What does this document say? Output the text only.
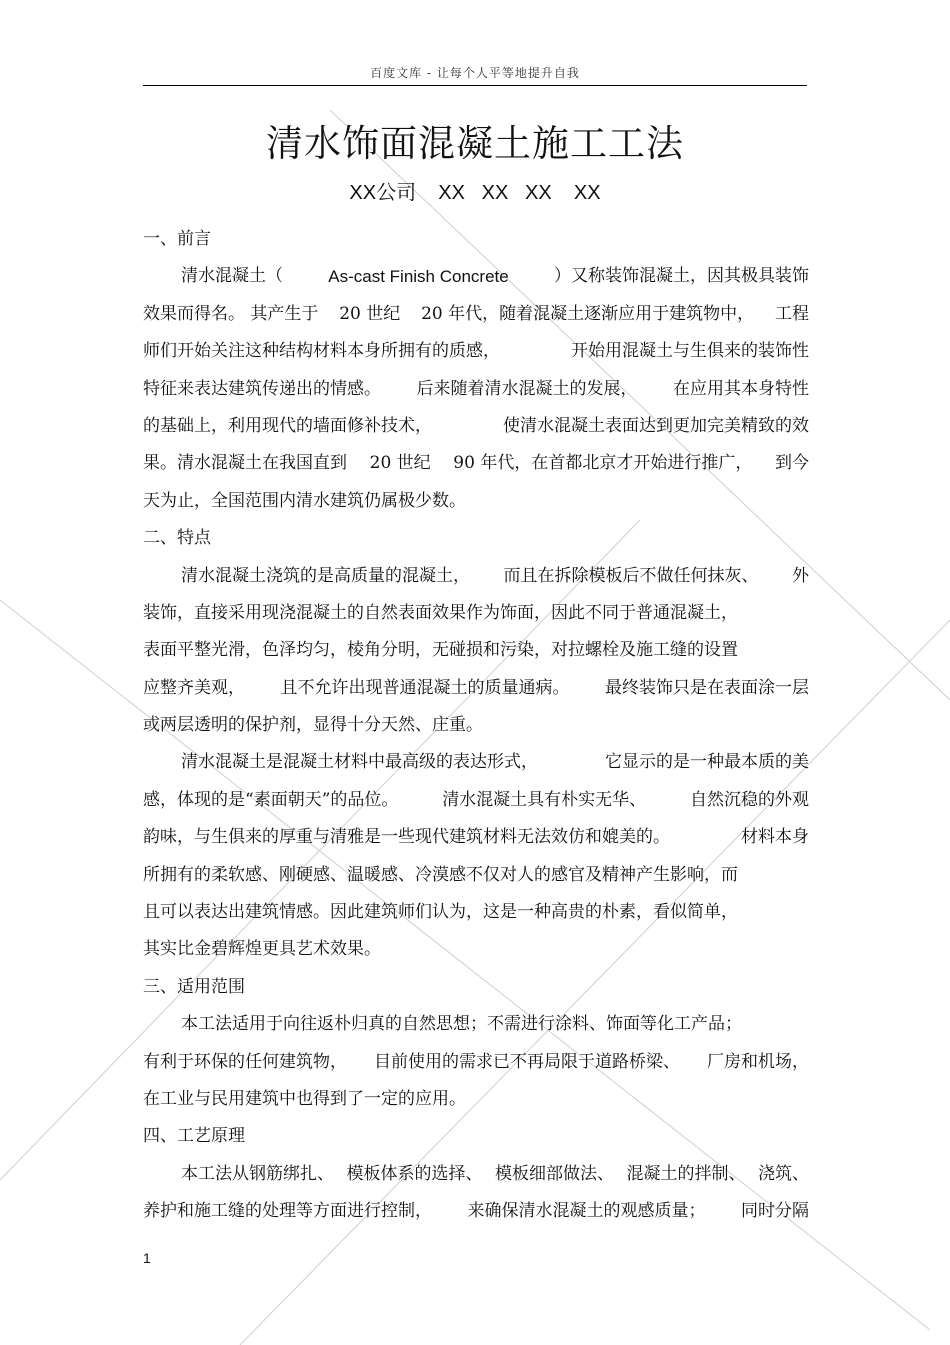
百度文库 - 让每个人平等地提升自我
清水饰面混凝土施工工法
XX公司    XX   XX   XX    XX
一、前言
清水混凝土（	As-cast Finish Concrete	）又称装饰混凝土，因其极具装饰
效果而得名。 其产生于 20 世纪 20 年代，随着混凝土逐渐应用于建筑物中， 工程
师们开始关注这种结构材料本身所拥有的质感，	开始用混凝土与生俱来的装饰性
特征来表达建筑传递出的情感。 后来随着清水混凝土的发展， 在应用其本身特性
的基础上，利用现代的墙面修补技术，	使清水混凝土表面达到更加完美精致的效
果。清水混凝土在我国直到 20 世纪 90 年代，在首都北京才开始进行推广， 到今
天为止，全国范围内清水建筑仍属极少数。
二、特点
清水混凝土浇筑的是高质量的混凝土， 而且在拆除模板后不做任何抹灰、 外
装饰，直接采用现浇混凝土的自然表面效果作为饰面，因此不同于普通混凝土，
表面平整光滑，色泽均匀，棱角分明，无碰损和污染，对拉螺栓及施工缝的设置
应整齐美观， 且不允许出现普通混凝土的质量通病。 最终装饰只是在表面涂一层
或两层透明的保护剂，显得十分天然、庄重。
清水混凝土是混凝土材料中最高级的表达形式，	它显示的是一种最本质的美
感，体现的是“素面朝天”的品位。	清水混凝土具有朴实无华、	自然沉稳的外观
韵味，与生俱来的厚重与清雅是一些现代建筑材料无法效仿和媲美的。	材料本身
所拥有的柔软感、刚硬感、温暖感、冷漠感不仅对人的感官及精神产生影响，而
且可以表达出建筑情感。因此建筑师们认为，这是一种高贵的朴素，看似简单，
其实比金碧辉煌更具艺术效果。
三、适用范围
本工法适用于向往返朴归真的自然思想；不需进行涂料、饰面等化工产品；
有利于环保的任何建筑物， 目前使用的需求已不再局限于道路桥梁、 厂房和机场，
在工业与民用建筑中也得到了一定的应用。
四、工艺原理
本工法从钢筋绑扎、 模板体系的选择、 模板细部做法、 混凝土的拌制、 浇筑、
养护和施工缝的处理等方面进行控制， 来确保清水混凝土的观感质量； 同时分隔
1
